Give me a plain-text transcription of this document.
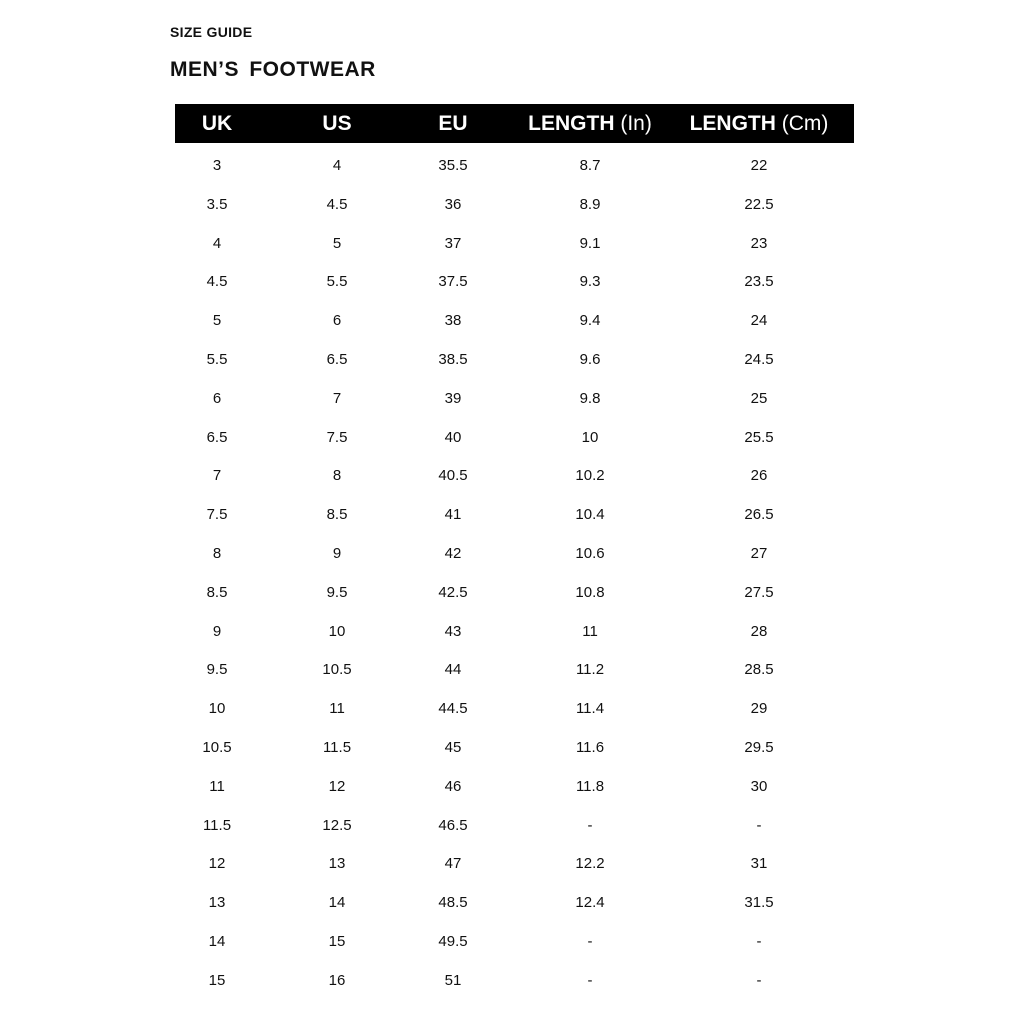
SIZE GUIDE
MEN’S FOOTWEAR
UK	US	EU	LENGTH (In) LENGTH (Cm)
3	4	35.5	8.7	22
3.5	4.5	36	8.9	22.5
4	5	37	9.1	23
4.5	5.5	37.5	9.3	23.5
5	6	38	9.4	24
5.5	6.5	38.5	9.6	24.5
6	7	39	9.8	25
6.5	7.5	40	10	25.5
7	8	40.5	10.2	26
7.5	8.5	41	10.4	26.5
8	9	42	10.6	27
8.5	9.5	42.5	10.8	27.5
9	10	43	11	28
9.5	10.5	44	11.2	28.5
10	11	44.5	11.4	29
10.5	11.5	45	11.6	29.5
11	12	46	11.8	30
11.5	12.5	46.5	-	-
12	13	47	12.2	31
13	14	48.5	12.4	31.5
14	15	49.5	-	-
15	16	51	-	-
